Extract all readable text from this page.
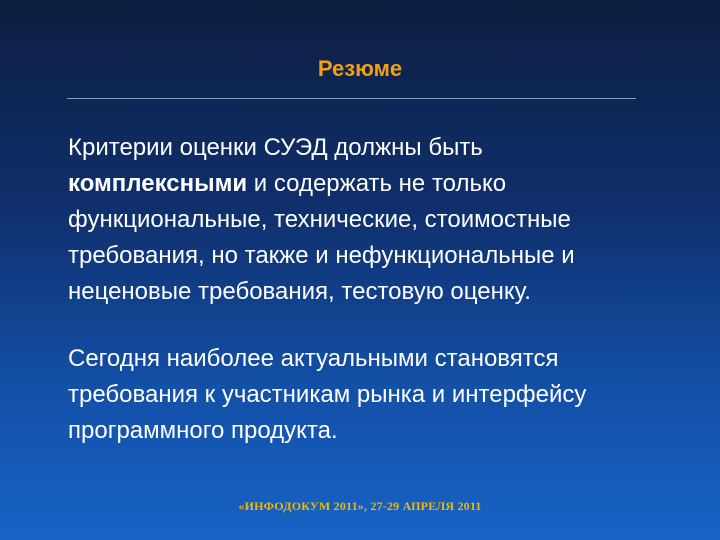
Резюме

Критерии оценки СУЭД должны быть
комплексными и содержать не только
функциональные, технические, стоимостные
требования, но также и нефункциональные и
неценовые требования, тестовую оценку.

Сегодня наиболее актуальными становятся
требования к участникам рынка и интерфейсу
программного продукта.

«ИНФОДОКУМ 2011», 27-29 АПРЕЛЯ 2011
